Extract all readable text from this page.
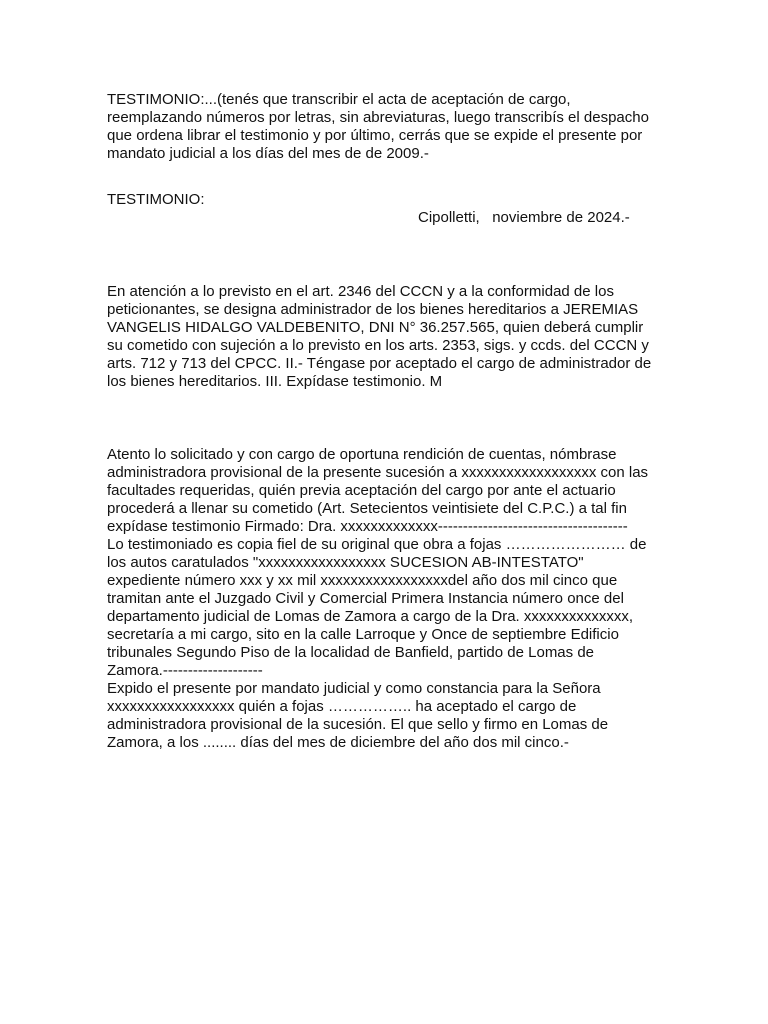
TESTIMONIO:...(tenés que transcribir el acta de aceptación de cargo,
reemplazando números por letras, sin abreviaturas, luego transcribís el despacho
que ordena librar el testimonio y por último, cerrás que se expide el presente por
mandato judicial a los días del mes de de 2009.-
TESTIMONIO:
Cipolletti,   noviembre de 2024.-
En atención a lo previsto en el art. 2346 del CCCN y a la conformidad de los
peticionantes, se designa administrador de los bienes hereditarios a JEREMIAS
VANGELIS HIDALGO VALDEBENITO, DNI N° 36.257.565, quien deberá cumplir
su cometido con sujeción a lo previsto en los arts. 2353, sigs. y ccds. del CCCN y
arts. 712 y 713 del CPCC. II.- Téngase por aceptado el cargo de administrador de
los bienes hereditarios. III. Expídase testimonio. M
Atento lo solicitado y con cargo de oportuna rendición de cuentas, nómbrase
administradora provisional de la presente sucesión a xxxxxxxxxxxxxxxxxx con las
facultades requeridas, quién previa aceptación del cargo por ante el actuario
procederá a llenar su cometido (Art. Setecientos veintisiete del C.P.C.) a tal fin
expídase testimonio Firmado: Dra. xxxxxxxxxxxxx--------------------------------------
Lo testimoniado es copia fiel de su original que obra a fojas …………………… de
los autos caratulados "xxxxxxxxxxxxxxxxx SUCESION AB-INTESTATO"
expediente número xxx y xx mil xxxxxxxxxxxxxxxxxdel año dos mil cinco que
tramitan ante el Juzgado Civil y Comercial Primera Instancia número once del
departamento judicial de Lomas de Zamora a cargo de la Dra. xxxxxxxxxxxxxx,
secretaría a mi cargo, sito en la calle Larroque y Once de septiembre Edificio
tribunales Segundo Piso de la localidad de Banfield, partido de Lomas de
Zamora.--------------------
Expido el presente por mandato judicial y como constancia para la Señora
xxxxxxxxxxxxxxxxx quién a fojas …………….. ha aceptado el cargo de
administradora provisional de la sucesión. El que sello y firmo en Lomas de
Zamora, a los ........ días del mes de diciembre del año dos mil cinco.-
